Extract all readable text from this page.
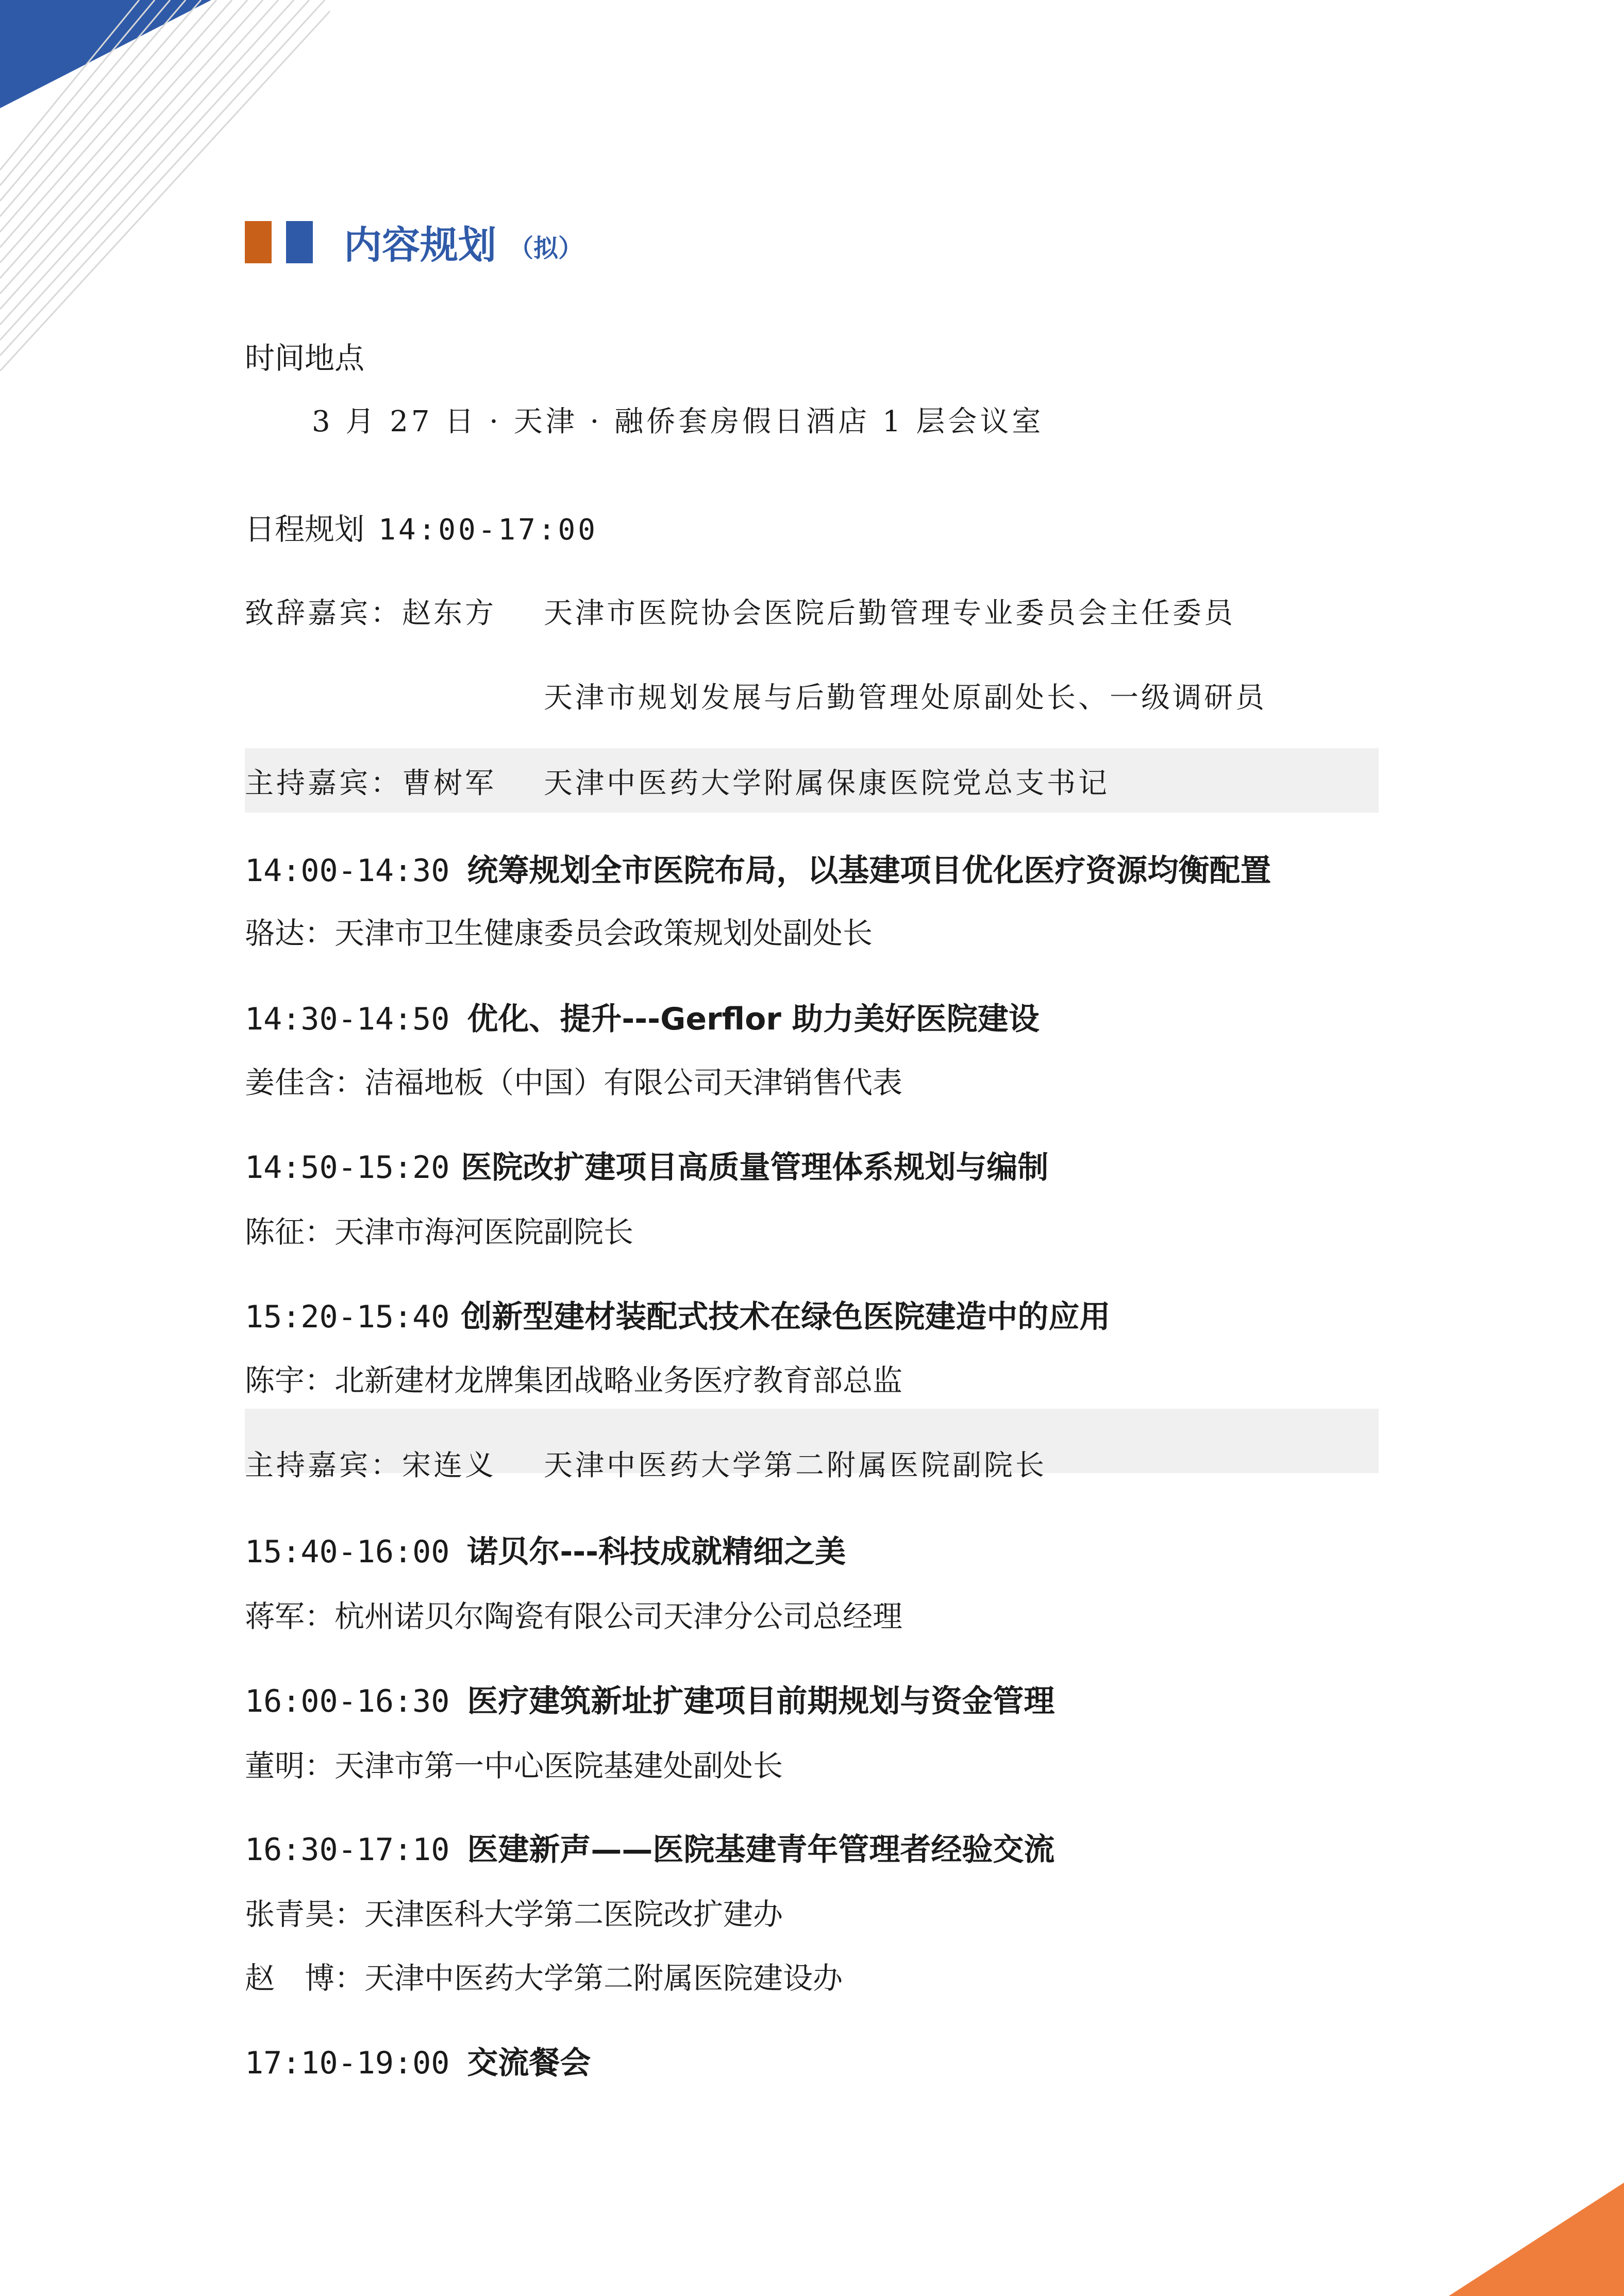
内容规划 （拟）
时间地点
3 月 27 日 · 天津 · 融侨套房假日酒店 1 层会议室
日程规划 14:00-17:00
致辞嘉宾：赵东方 天津市医院协会医院后勤管理专业委员会主任委员
天津市规划发展与后勤管理处原副处长、一级调研员
主持嘉宾：曹树军 天津中医药大学附属保康医院党总支书记
14:00-14:30 统筹规划全市医院布局，以基建项目优化医疗资源均衡配置
骆达：天津市卫生健康委员会政策规划处副处长
14:30-14:50 优化、提升---Gerflor 助力美好医院建设
姜佳含：洁福地板（中国）有限公司天津销售代表
14:50-15:20 医院改扩建项目高质量管理体系规划与编制
陈征：天津市海河医院副院长
15:20-15:40 创新型建材装配式技术在绿色医院建造中的应用
陈宇：北新建材龙牌集团战略业务医疗教育部总监
主持嘉宾：宋连义 天津中医药大学第二附属医院副院长
15:40-16:00 诺贝尔---科技成就精细之美
蒋军：杭州诺贝尔陶瓷有限公司天津分公司总经理
16:00-16:30 医疗建筑新址扩建项目前期规划与资金管理
董明：天津市第一中心医院基建处副处长
16:30-17:10 医建新声——医院基建青年管理者经验交流
张青昊：天津医科大学第二医院改扩建办
赵　博：天津中医药大学第二附属医院建设办
17:10-19:00 交流餐会
